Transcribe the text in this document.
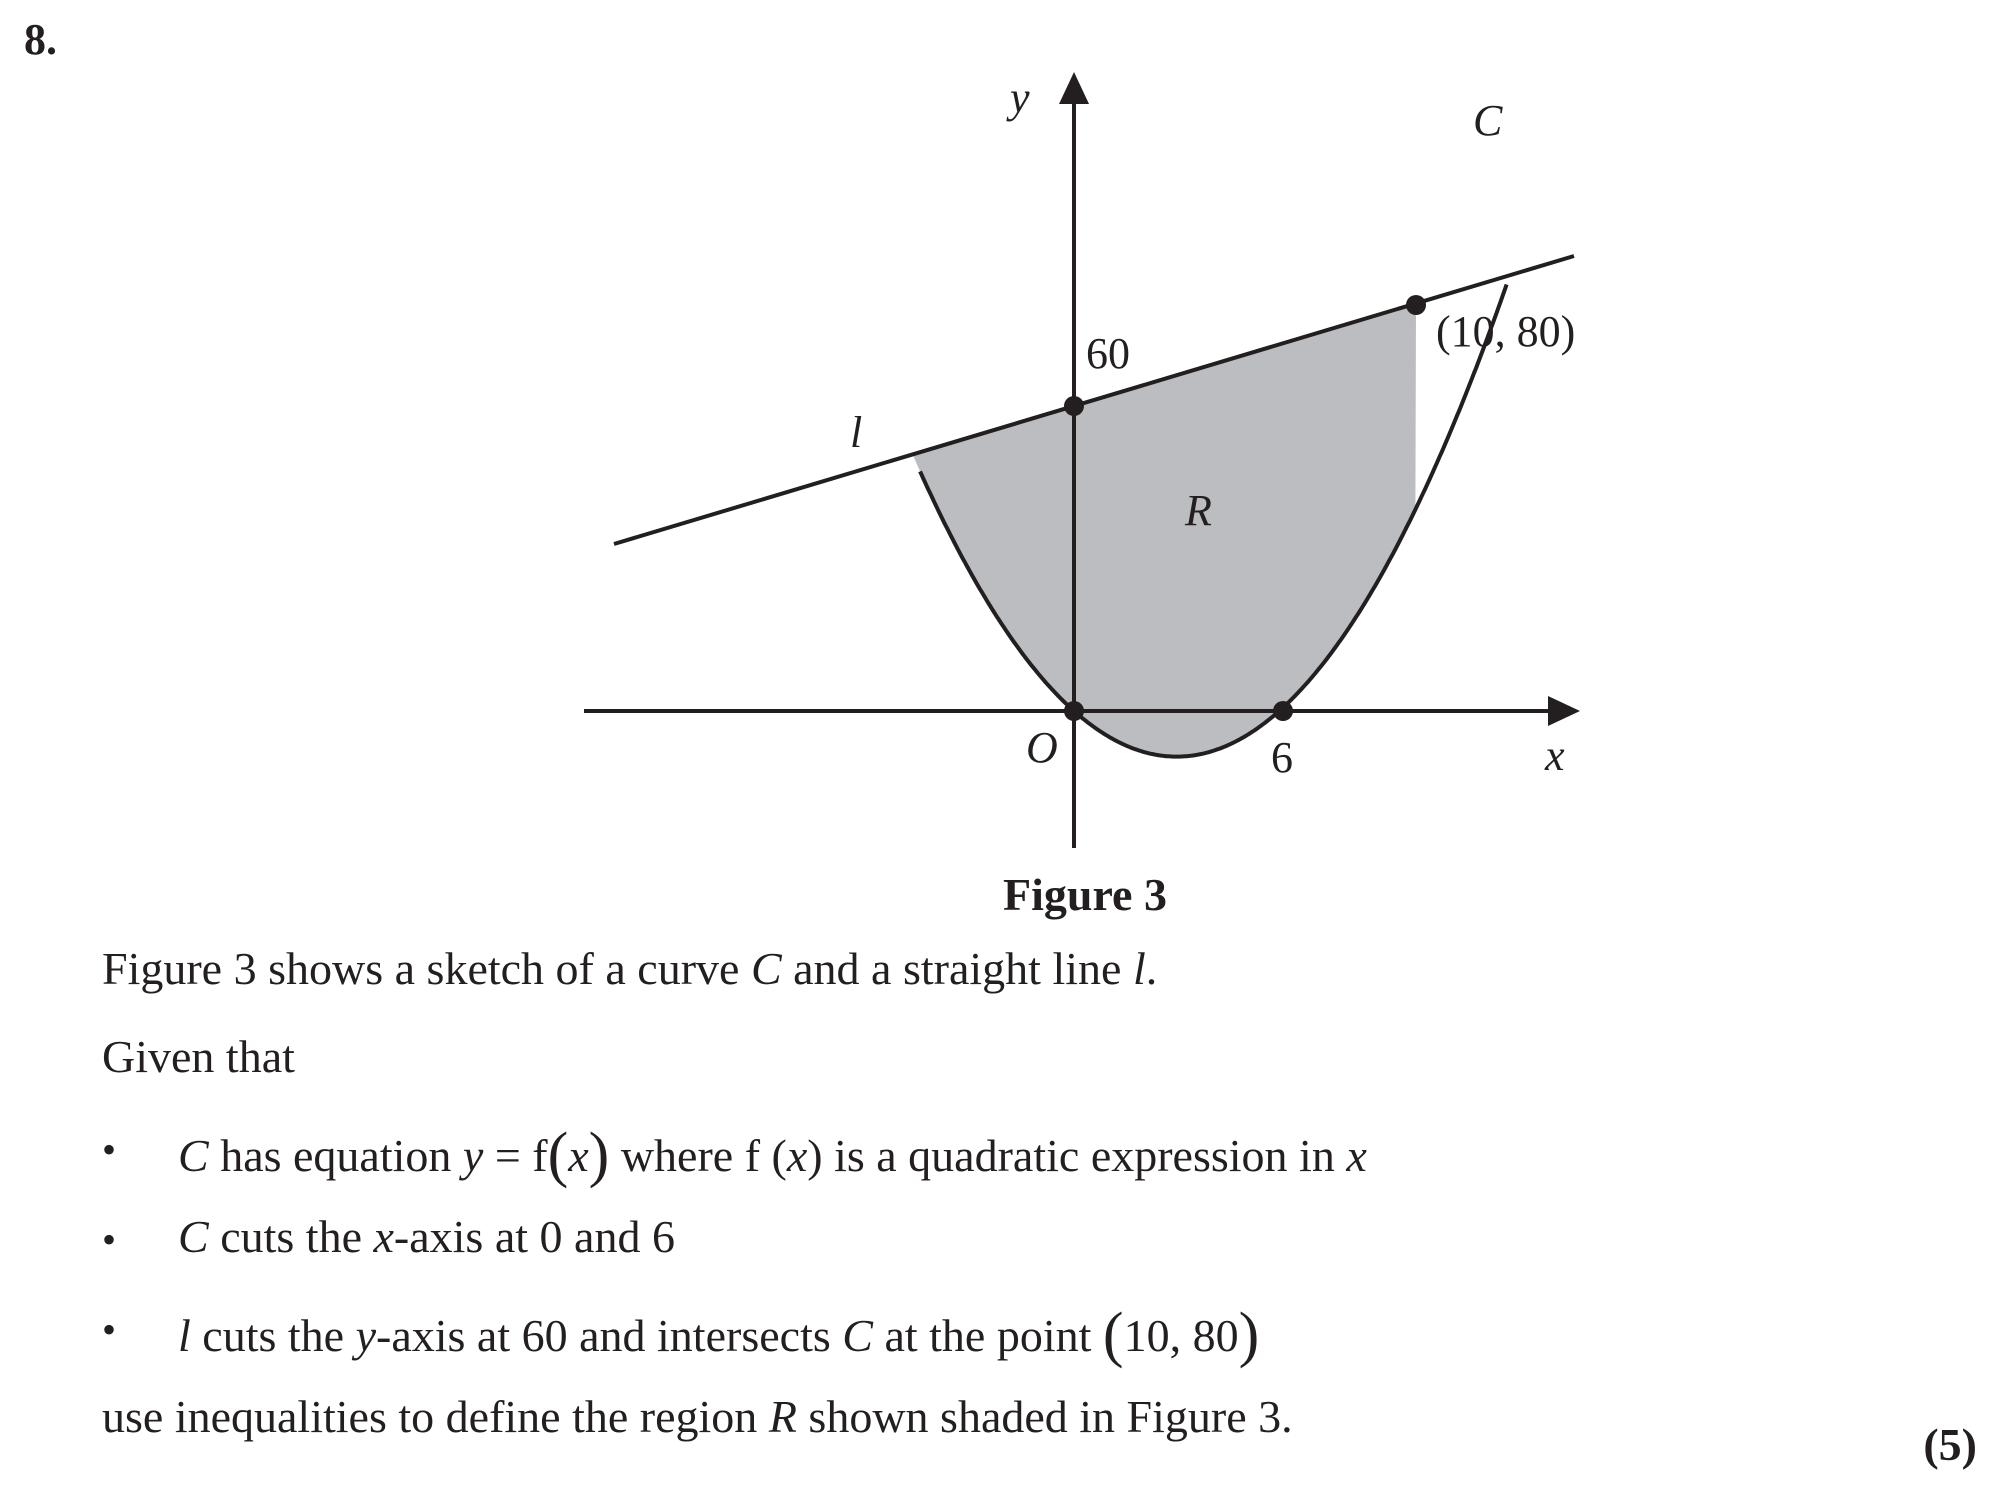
8.
y
x
O
C
l
R
60
6
(10, 80)
Figure 3
Figure 3 shows a sketch of a curve C and a straight line l.
Given that
• C has equation y = f(x) where f (x) is a quadratic expression in x
• C cuts the x-axis at 0 and 6
• l cuts the y-axis at 60 and intersects C at the point (10, 80)
use inequalities to define the region R shown shaded in Figure 3.
(5)
